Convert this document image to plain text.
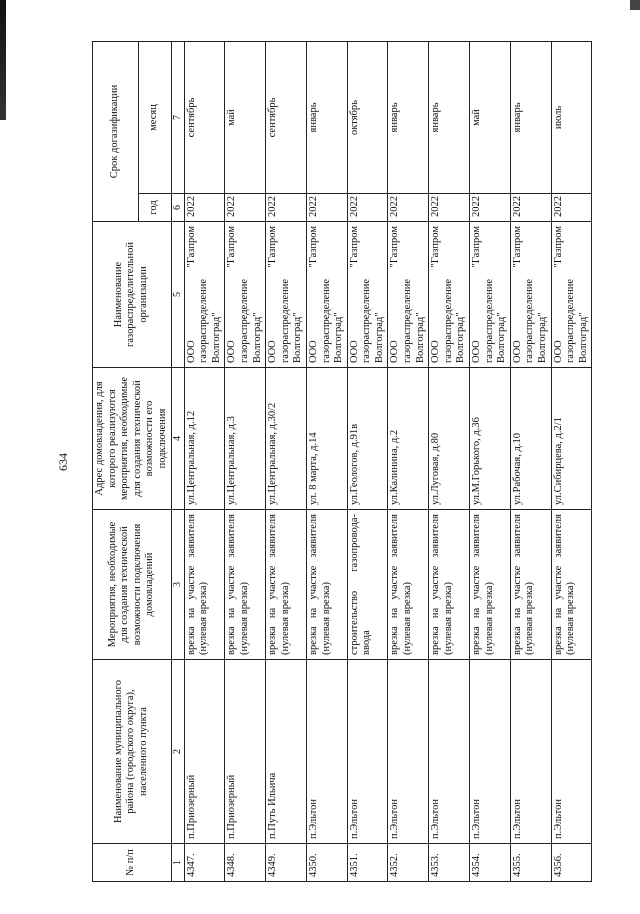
634
№ п/п	Наименование муниципального района (городского округа), населенного пункта	Мероприятия, необходимые для создания технической возможности подключения домовладений	Адрес домовладения, для которого реализуются мероприятия, необходимые для создания технической возможности его подключения	Наименование газораспределительной организации	Срок догазификации	
					год	месяц
1	2	3	4	5	6	7
4347.	п.Приозерный	врезка на участке заявителя (нулевая врезка)	ул.Центральная, д.12	ООО "Газпром газораспределение Волгоград"	2022	сентябрь
4348.	п.Приозерный	врезка на участке заявителя (нулевая врезка)	ул.Центральная, д.3	ООО "Газпром газораспределение Волгоград"	2022	май
4349.	п.Путь Ильича	врезка на участке заявителя (нулевая врезка)	ул.Центральная, д.30/2	ООО "Газпром газораспределение Волгоград"	2022	сентябрь
4350.	п.Эльтон	врезка на участке заявителя (нулевая врезка)	ул. 8 марта, д.14	ООО "Газпром газораспределение Волгоград"	2022	январь
4351.	п.Эльтон	строительство газопровода-ввода	ул.Геологов, д.91в	ООО "Газпром газораспределение Волгоград"	2022	октябрь
4352.	п.Эльтон	врезка на участке заявителя (нулевая врезка)	ул.Калинина, д.2	ООО "Газпром газораспределение Волгоград"	2022	январь
4353.	п.Эльтон	врезка на участке заявителя (нулевая врезка)	ул.Луговая, д.80	ООО "Газпром газораспределение Волгоград"	2022	январь
4354.	п.Эльтон	врезка на участке заявителя (нулевая врезка)	ул.М.Горького, д.36	ООО "Газпром газораспределение Волгоград"	2022	май
4355.	п.Эльтон	врезка на участке заявителя (нулевая врезка)	ул.Рабочая, д.10	ООО "Газпром газораспределение Волгоград"	2022	январь
4356.	п.Эльтон	врезка на участке заявителя (нулевая врезка)	ул.Сибирцева, д.2/1	ООО "Газпром газораспределение Волгоград"	2022	июль
